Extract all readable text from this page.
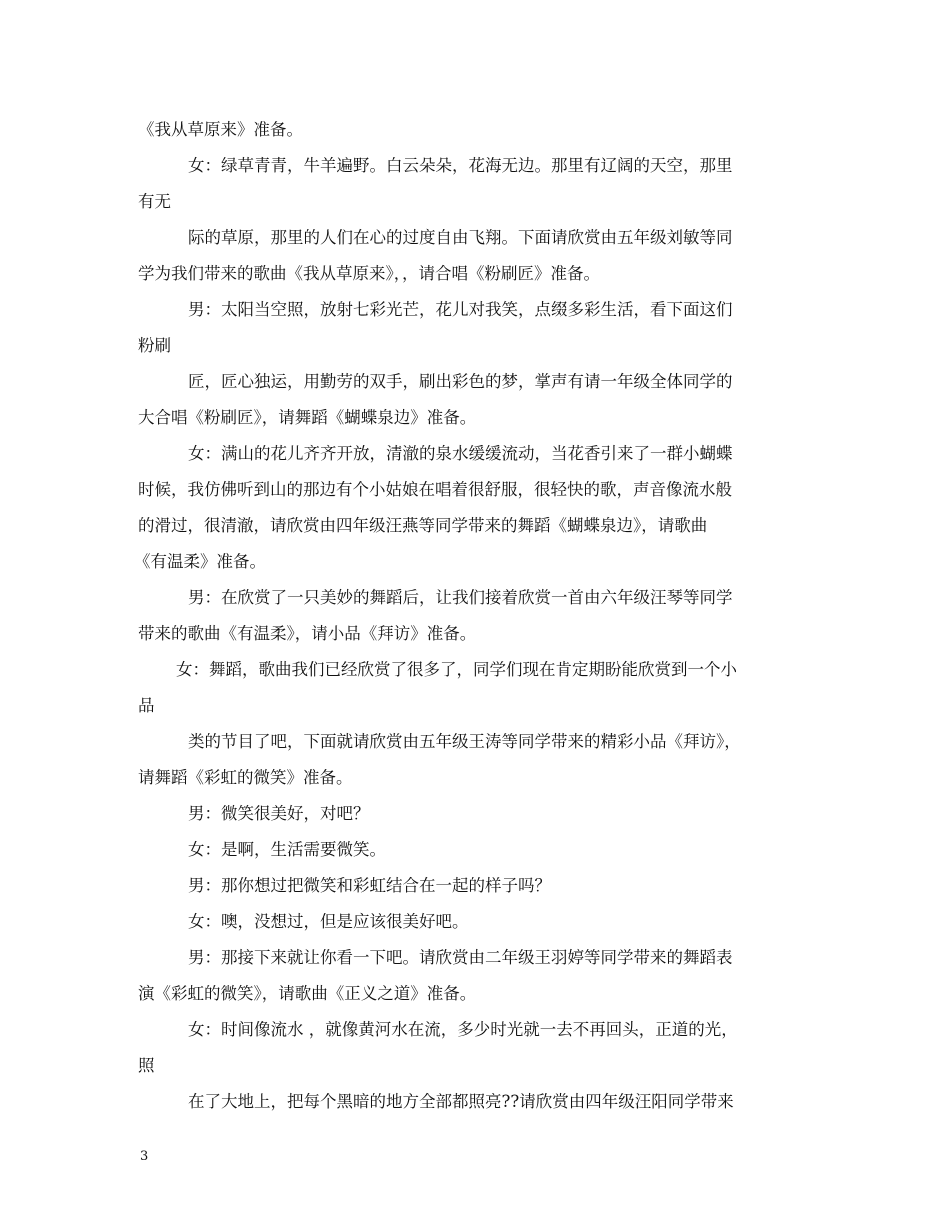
《我从草原来》准备。
女：绿草青青，牛羊遍野。白云朵朵，花海无边。那里有辽阔的天空，那里
有无
际的草原，那里的人们在心的过度自由飞翔。下面请欣赏由五年级刘敏等同
学为我们带来的歌曲《我从草原来》，，请合唱《粉刷匠》准备。
男：太阳当空照，放射七彩光芒，花儿对我笑，点缀多彩生活，看下面这们
粉刷
匠，匠心独运，用勤劳的双手，刷出彩色的梦，掌声有请一年级全体同学的
大合唱《粉刷匠》，请舞蹈《蝴蝶泉边》准备。
女：满山的花儿齐齐开放，清澈的泉水缓缓流动，当花香引来了一群小蝴蝶
时候，我仿佛听到山的那边有个小姑娘在唱着很舒服，很轻快的歌，声音像流水般
的滑过，很清澈，请欣赏由四年级汪燕等同学带来的舞蹈《蝴蝶泉边》，请歌曲
《有温柔》准备。
男：在欣赏了一只美妙的舞蹈后，让我们接着欣赏一首由六年级汪琴等同学
带来的歌曲《有温柔》，请小品《拜访》准备。
女：舞蹈，歌曲我们已经欣赏了很多了，同学们现在肯定期盼能欣赏到一个小
品
类的节目了吧，下面就请欣赏由五年级王涛等同学带来的精彩小品《拜访》，
请舞蹈《彩虹的微笑》准备。
男：微笑很美好，对吧？
女：是啊，生活需要微笑。
男：那你想过把微笑和彩虹结合在一起的样子吗？
女：噢，没想过，但是应该很美好吧。
男：那接下来就让你看一下吧。请欣赏由二年级王羽婷等同学带来的舞蹈表
演《彩虹的微笑》，请歌曲《正义之道》准备。
女：时间像流水 ，就像黄河水在流，多少时光就一去不再回头，正道的光，
照
在了大地上，把每个黑暗的地方全部都照亮??请欣赏由四年级汪阳同学带来
3
